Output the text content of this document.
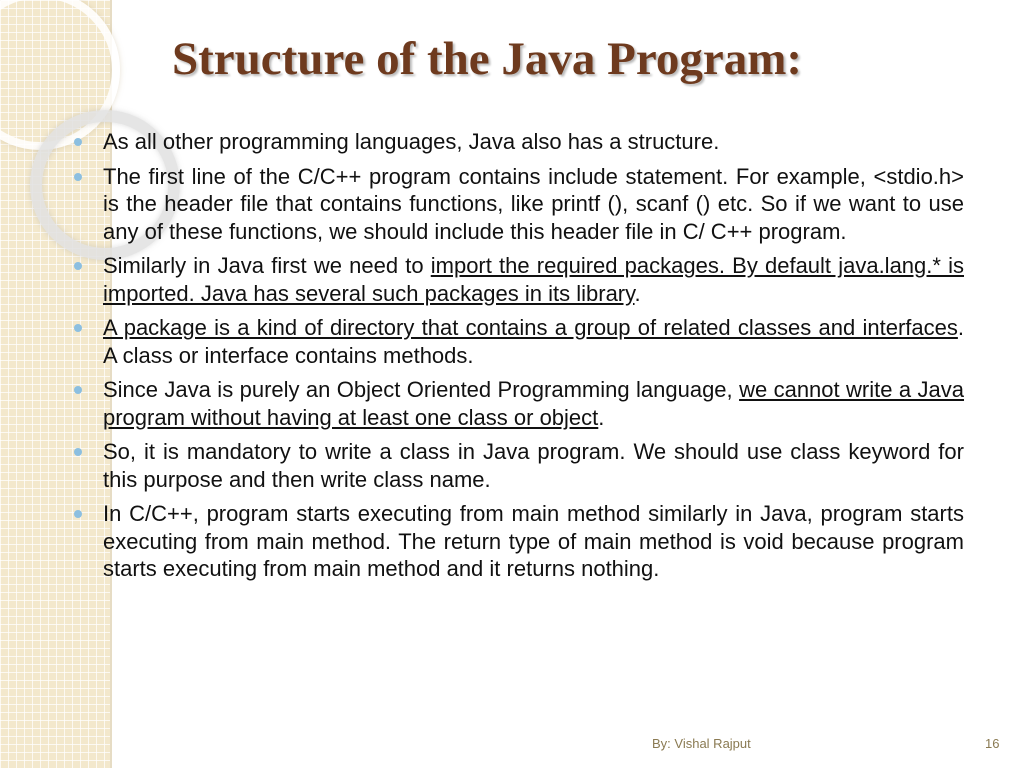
Structure of the Java Program:
As all other programming languages, Java also has a structure.
The first line of the C/C++ program contains include statement. For example, <stdio.h> is the header file that contains functions, like printf (), scanf () etc. So if we want to use any of these functions, we should include this header file in C/ C++ program.
Similarly in Java first we need to import the required packages. By default java.lang.* is imported. Java has several such packages in its library.
A package is a kind of directory that contains a group of related classes and interfaces. A class or interface contains methods.
Since Java is purely an Object Oriented Programming language, we cannot write a Java program without having at least one class or object.
So, it is mandatory to write a class in Java program. We should use class keyword for this purpose and then write class name.
In C/C++, program starts executing from main method similarly in Java, program starts executing from main method. The return type of main method is void because program starts executing from main method and it returns nothing.
By: Vishal Rajput	16
